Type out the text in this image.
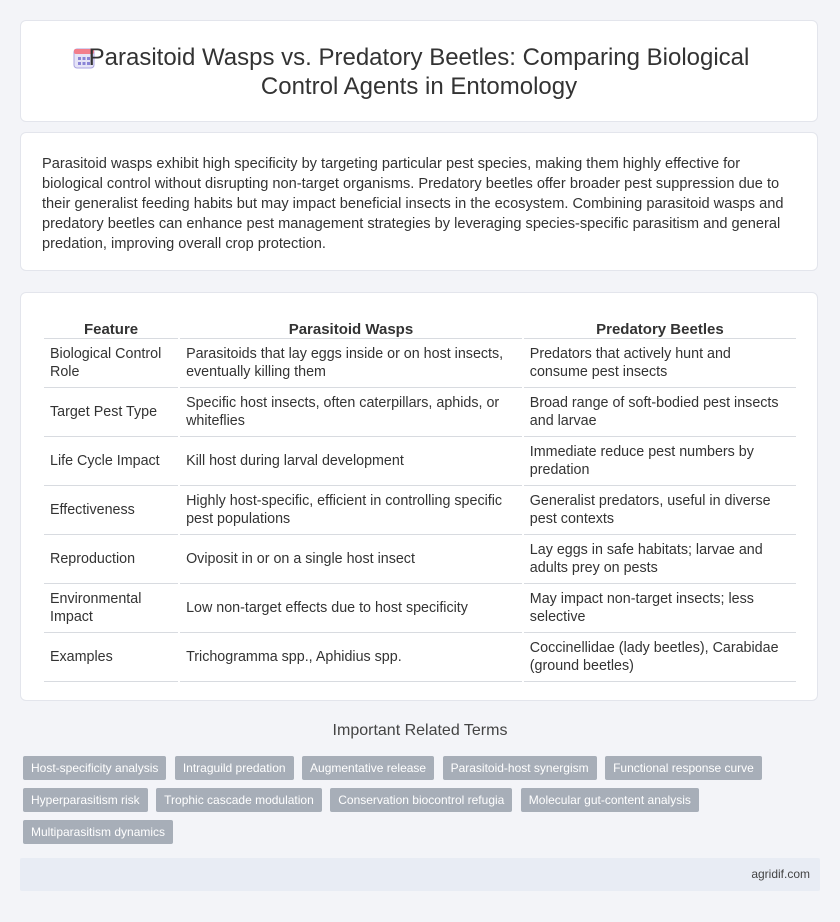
Parasitoid Wasps vs. Predatory Beetles: Comparing Biological Control Agents in Entomology

Parasitoid wasps exhibit high specificity by targeting particular pest species, making them highly effective for biological control without disrupting non-target organisms. Predatory beetles offer broader pest suppression due to their generalist feeding habits but may impact beneficial insects in the ecosystem. Combining parasitoid wasps and predatory beetles can enhance pest management strategies by leveraging species-specific parasitism and general predation, improving overall crop protection.

Feature	Parasitoid Wasps	Predatory Beetles
Biological Control Role	Parasitoids that lay eggs inside or on host insects, eventually killing them	Predators that actively hunt and consume pest insects
Target Pest Type	Specific host insects, often caterpillars, aphids, or whiteflies	Broad range of soft-bodied pest insects and larvae
Life Cycle Impact	Kill host during larval development	Immediate reduce pest numbers by predation
Effectiveness	Highly host-specific, efficient in controlling specific pest populations	Generalist predators, useful in diverse pest contexts
Reproduction	Oviposit in or on a single host insect	Lay eggs in safe habitats; larvae and adults prey on pests
Environmental Impact	Low non-target effects due to host specificity	May impact non-target insects; less selective
Examples	Trichogramma spp., Aphidius spp.	Coccinellidae (lady beetles), Carabidae (ground beetles)
Important Related Terms
Host-specificity analysis Intraguild predation Augmentative release Parasitoid-host synergism Functional response curve Hyperparasitism risk Trophic cascade modulation Conservation biocontrol refugia Molecular gut-content analysis Multiparasitism dynamics
agridif.com
